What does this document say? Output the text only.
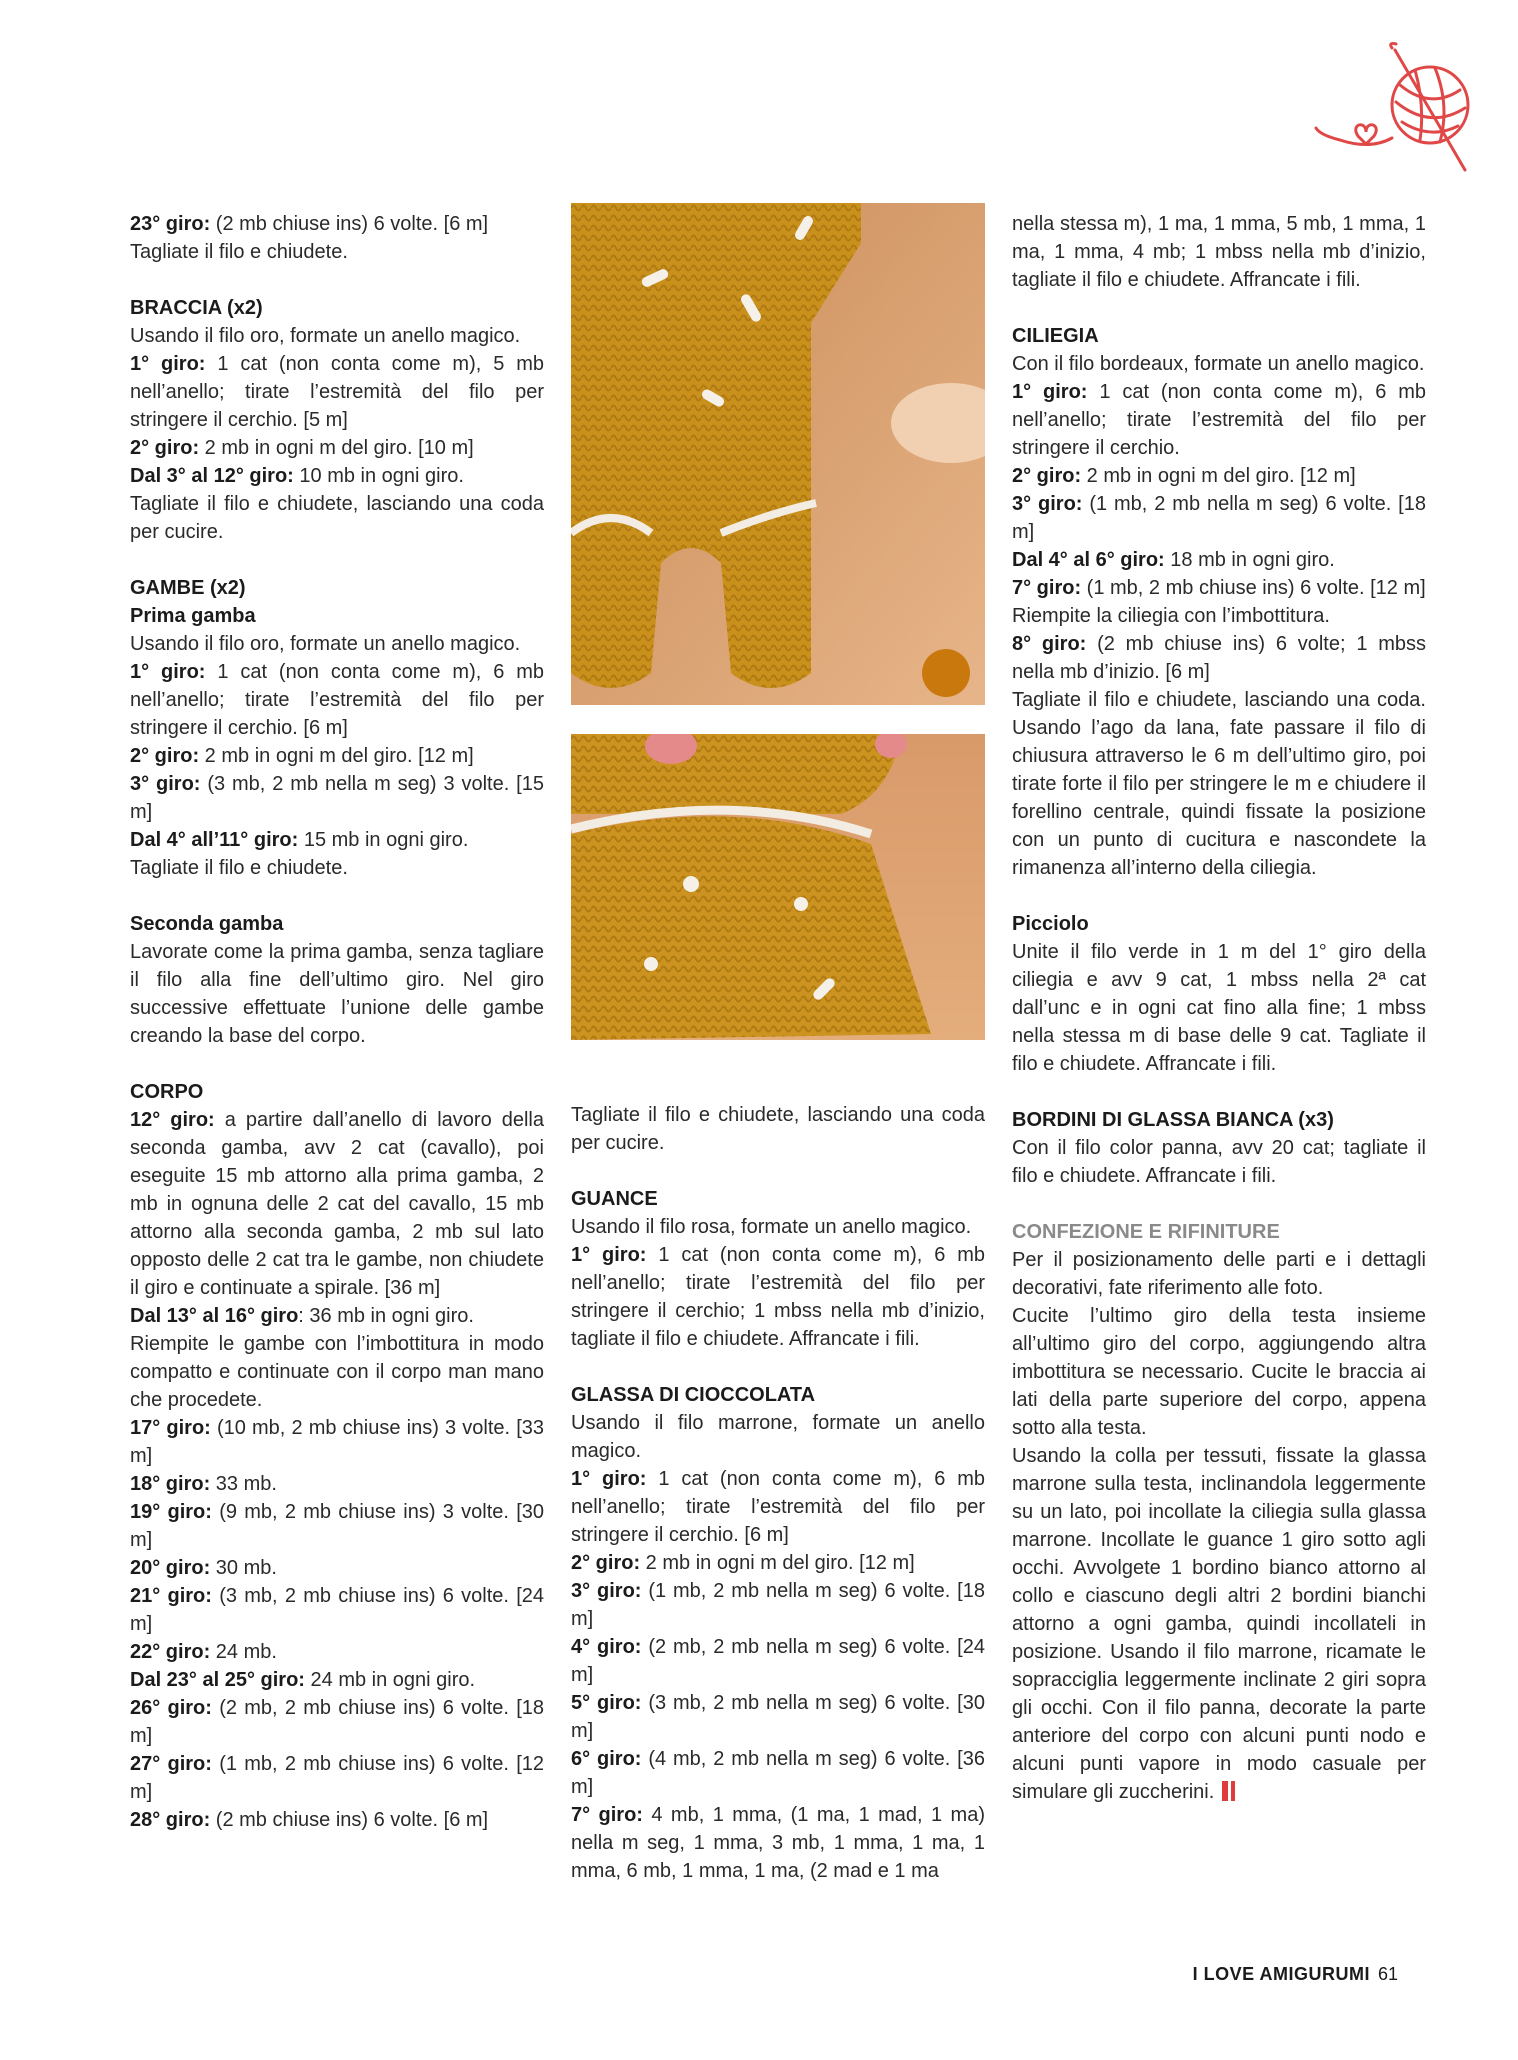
23° giro: (2 mb chiuse ins) 6 volte. [6 m]

Tagliate il filo e chiudete.

BRACCIA (x2)

Usando il filo oro, formate un anello magico.

1° giro: 1 cat (non conta come m), 5 mb nell’anello; tirate l’estremità del filo per stringere il cerchio. [5 m]

2° giro: 2 mb in ogni m del giro. [10 m]

Dal 3° al 12° giro: 10 mb in ogni giro.

Tagliate il filo e chiudete, lasciando una coda per cucire.

GAMBE (x2)
Prima gamba

Usando il filo oro, formate un anello magico.

1° giro: 1 cat (non conta come m), 6 mb nell’anello; tirate l’estremità del filo per stringere il cerchio. [6 m]

2° giro: 2 mb in ogni m del giro. [12 m]

3° giro: (3 mb, 2 mb nella m seg) 3 volte. [15 m]

Dal 4° all’11° giro: 15 mb in ogni giro.

Tagliate il filo e chiudete.

Seconda gamba

Lavorate come la prima gamba, senza tagliare il filo alla fine dell’ultimo giro. Nel giro successive effettuate l’unione delle gambe creando la base del corpo.

CORPO

12° giro: a partire dall’anello di lavoro della seconda gamba, avv 2 cat (cavallo), poi eseguite 15 mb attorno alla prima gamba, 2 mb in ognuna delle 2 cat del cavallo, 15 mb attorno alla seconda gamba, 2 mb sul lato opposto delle 2 cat tra le gambe, non chiudete il giro e continuate a spirale. [36 m]

Dal 13° al 16° giro: 36 mb in ogni giro.

Riempite le gambe con l’imbottitura in modo compatto e continuate con il corpo man mano che procedete.

17° giro: (10 mb, 2 mb chiuse ins) 3 volte. [33 m]

18° giro: 33 mb.

19° giro: (9 mb, 2 mb chiuse ins) 3 volte. [30 m]

20° giro: 30 mb.

21° giro: (3 mb, 2 mb chiuse ins) 6 volte. [24 m]

22° giro: 24 mb.

Dal 23° al 25° giro: 24 mb in ogni giro.

26° giro: (2 mb, 2 mb chiuse ins) 6 volte. [18 m]

27° giro: (1 mb, 2 mb chiuse ins) 6 volte. [12 m]

28° giro: (2 mb chiuse ins) 6 volte. [6 m]

Tagliate il filo e chiudete, lasciando una coda per cucire.

GUANCE

Usando il filo rosa, formate un anello magico.

1° giro: 1 cat (non conta come m), 6 mb nell’anello; tirate l’estremità del filo per stringere il cerchio; 1 mbss nella mb d’inizio, tagliate il filo e chiudete. Affrancate i fili.

GLASSA DI CIOCCOLATA

Usando il filo marrone, formate un anello magico.

1° giro: 1 cat (non conta come m), 6 mb nell’anello; tirate l’estremità del filo per stringere il cerchio. [6 m]

2° giro: 2 mb in ogni m del giro. [12 m]

3° giro: (1 mb, 2 mb nella m seg) 6 volte. [18 m]

4° giro: (2 mb, 2 mb nella m seg) 6 volte. [24 m]

5° giro: (3 mb, 2 mb nella m seg) 6 volte. [30 m]

6° giro: (4 mb, 2 mb nella m seg) 6 volte. [36 m]

7° giro: 4 mb, 1 mma, (1 ma, 1 mad, 1 ma) nella m seg, 1 mma, 3 mb, 1 mma, 1 ma, 1 mma, 6 mb, 1 mma, 1 ma, (2 mad e 1 ma

nella stessa m), 1 ma, 1 mma, 5 mb, 1 mma, 1 ma, 1 mma, 4 mb; 1 mbss nella mb d’inizio, tagliate il filo e chiudete. Affrancate i fili.

CILIEGIA

Con il filo bordeaux, formate un anello magico.

1° giro: 1 cat (non conta come m), 6 mb nell’anello; tirate l’estremità del filo per stringere il cerchio.

2° giro: 2 mb in ogni m del giro. [12 m]

3° giro: (1 mb, 2 mb nella m seg) 6 volte. [18 m]

Dal 4° al 6° giro: 18 mb in ogni giro.

7° giro: (1 mb, 2 mb chiuse ins) 6 volte. [12 m]

Riempite la ciliegia con l’imbottitura.

8° giro: (2 mb chiuse ins) 6 volte; 1 mbss nella mb d’inizio. [6 m]

Tagliate il filo e chiudete, lasciando una coda. Usando l’ago da lana, fate passare il filo di chiusura attraverso le 6 m dell’ultimo giro, poi tirate forte il filo per stringere le m e chiudere il forellino centrale, quindi fissate la posizione con un punto di cucitura e nascondete la rimanenza all’interno della ciliegia.

Picciolo

Unite il filo verde in 1 m del 1° giro della ciliegia e avv 9 cat, 1 mbss nella 2ª cat dall’unc e in ogni cat fino alla fine; 1 mbss nella stessa m di base delle 9 cat. Tagliate il filo e chiudete. Affrancate i fili.

BORDINI DI GLASSA BIANCA (x3)

Con il filo color panna, avv 20 cat; tagliate il filo e chiudete. Affrancate i fili.

CONFEZIONE E RIFINITURE

Per il posizionamento delle parti e i dettagli decorativi, fate riferimento alle foto.

Cucite l’ultimo giro della testa insieme all’ultimo giro del corpo, aggiungendo altra imbottitura se necessario. Cucite le braccia ai lati della parte superiore del corpo, appena sotto alla testa.

Usando la colla per tessuti, fissate la glassa marrone sulla testa, inclinandola leggermente su un lato, poi incollate la ciliegia sulla glassa marrone. Incollate le guance 1 giro sotto agli occhi. Avvolgete 1 bordino bianco attorno al collo e ciascuno degli altri 2 bordini bianchi attorno a ogni gamba, quindi incollateli in posizione. Usando il filo marrone, ricamate le sopracciglia leggermente inclinate 2 giri sopra gli occhi. Con il filo panna, decorate la parte anteriore del corpo con alcuni punti nodo e alcuni punti vapore in modo casuale per simulare gli zuccherini.

I LOVE AMIGURUMI 61
